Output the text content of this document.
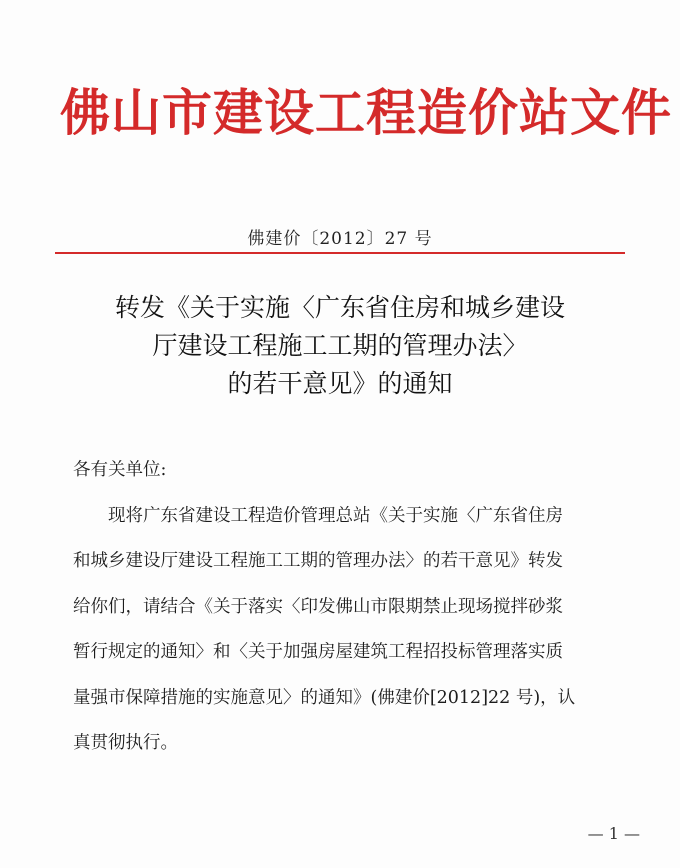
佛山市建设工程造价站文件
佛建价〔2012〕27 号
转发《关于实施〈广东省住房和城乡建设
厅建设工程施工工期的管理办法〉
的若干意见》的通知
各有关单位:
现将广东省建设工程造价管理总站《关于实施〈广东省住房
和城乡建设厅建设工程施工工期的管理办法〉的若干意见》转发
给你们，请结合《关于落实〈印发佛山市限期禁止现场搅拌砂浆
暂行规定的通知〉和〈关于加强房屋建筑工程招投标管理落实质
量强市保障措施的实施意见〉的通知》(佛建价[2012]22 号)，认
真贯彻执行。
— 1 —
